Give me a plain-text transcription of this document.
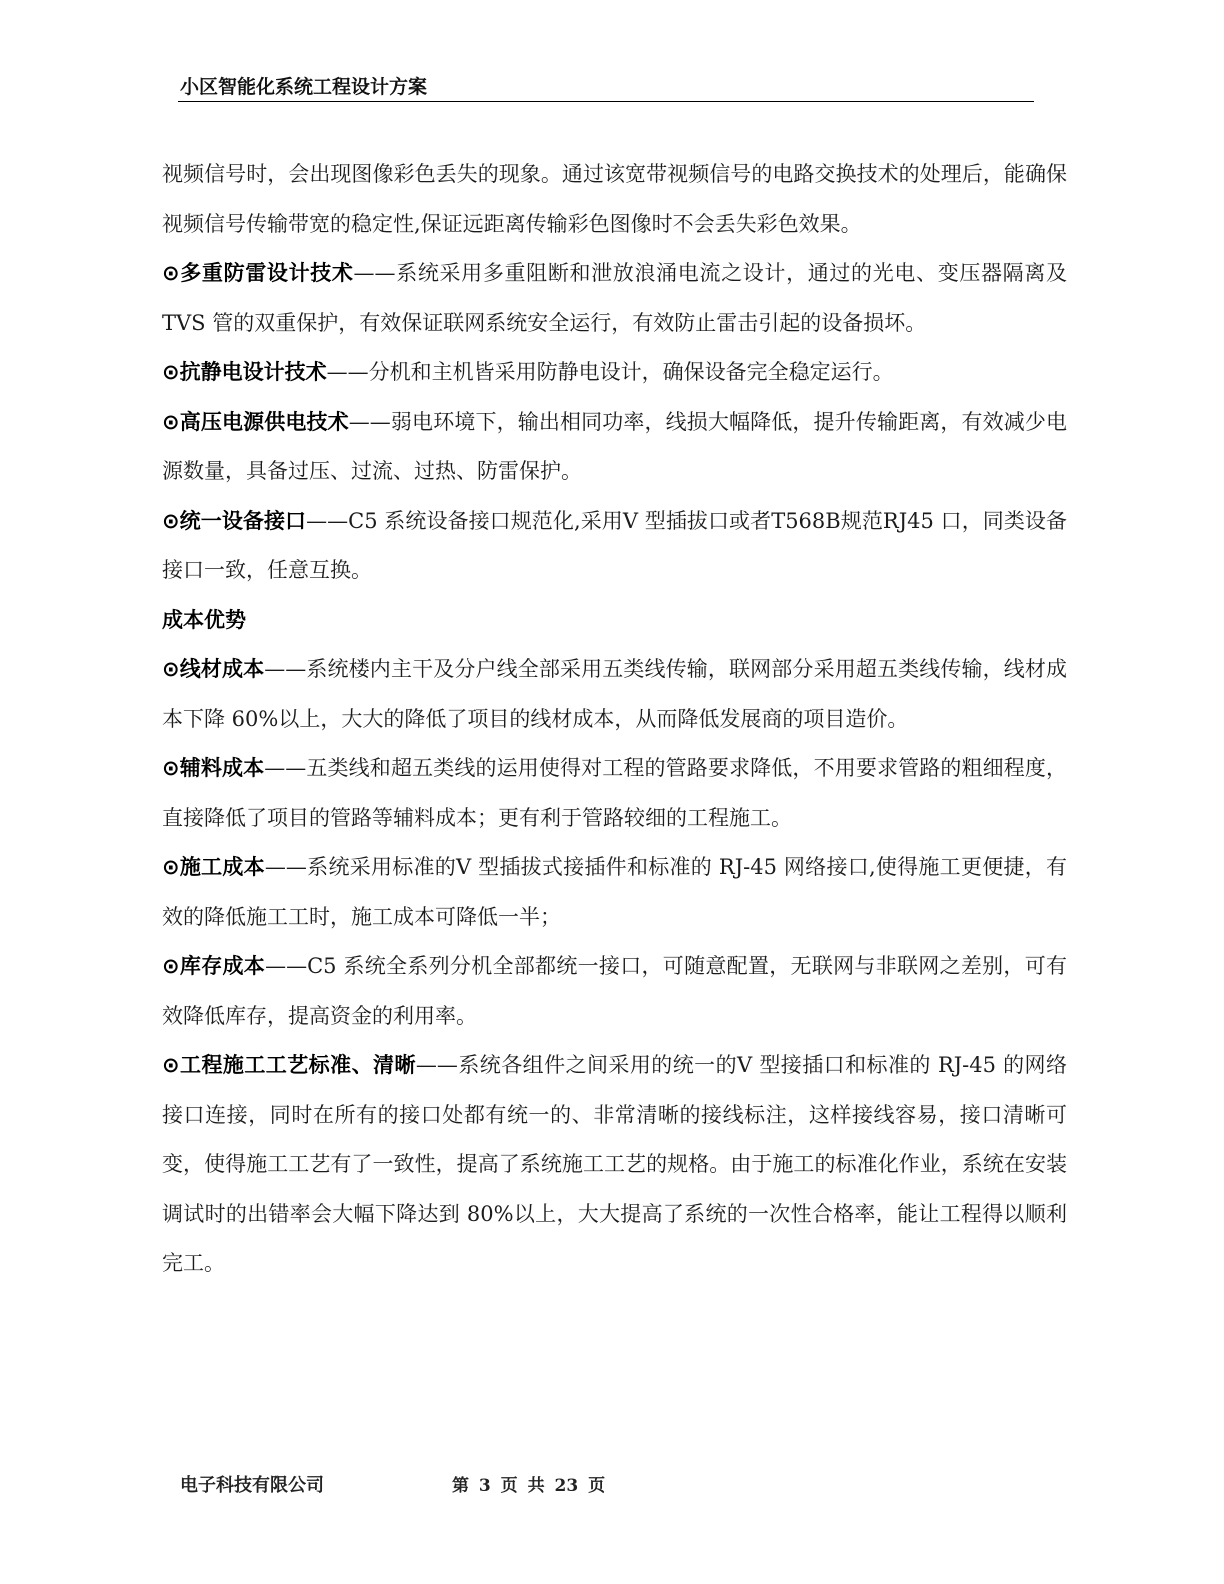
小区智能化系统工程设计方案

视频信号时，会出现图像彩色丢失的现象。通过该宽带视频信号的电路交换技术的处理后，能确保视频信号传输带宽的稳定性,保证远距离传输彩色图像时不会丢失彩色效果。

⊙多重防雷设计技术——系统采用多重阻断和泄放浪涌电流之设计，通过的光电、变压器隔离及 TVS 管的双重保护，有效保证联网系统安全运行，有效防止雷击引起的设备损坏。

⊙抗静电设计技术——分机和主机皆采用防静电设计，确保设备完全稳定运行。

⊙高压电源供电技术——弱电环境下，输出相同功率，线损大幅降低，提升传输距离，有效减少电源数量，具备过压、过流、过热、防雷保护。

⊙统一设备接口——C5 系统设备接口规范化,采用V 型插拔口或者T568B规范RJ45 口，同类设备接口一致，任意互换。

成本优势

⊙线材成本——系统楼内主干及分户线全部采用五类线传输，联网部分采用超五类线传输，线材成本下降 60%以上，大大的降低了项目的线材成本，从而降低发展商的项目造价。

⊙辅料成本——五类线和超五类线的运用使得对工程的管路要求降低，不用要求管路的粗细程度，直接降低了项目的管路等辅料成本；更有利于管路较细的工程施工。

⊙施工成本——系统采用标准的V 型插拔式接插件和标准的 RJ-45 网络接口,使得施工更便捷，有效的降低施工工时，施工成本可降低一半；

⊙库存成本——C5 系统全系列分机全部都统一接口，可随意配置，无联网与非联网之差别，可有效降低库存，提高资金的利用率。

⊙工程施工工艺标准、清晰——系统各组件之间采用的统一的V 型接插口和标准的 RJ-45 的网络接口连接，同时在所有的接口处都有统一的、非常清晰的接线标注，这样接线容易，接口清晰可变，使得施工工艺有了一致性，提高了系统施工工艺的规格。由于施工的标准化作业，系统在安装调试时的出错率会大幅下降达到 80%以上，大大提高了系统的一次性合格率，能让工程得以顺利完工。

电子科技有限公司	第 3 页 共 23 页
